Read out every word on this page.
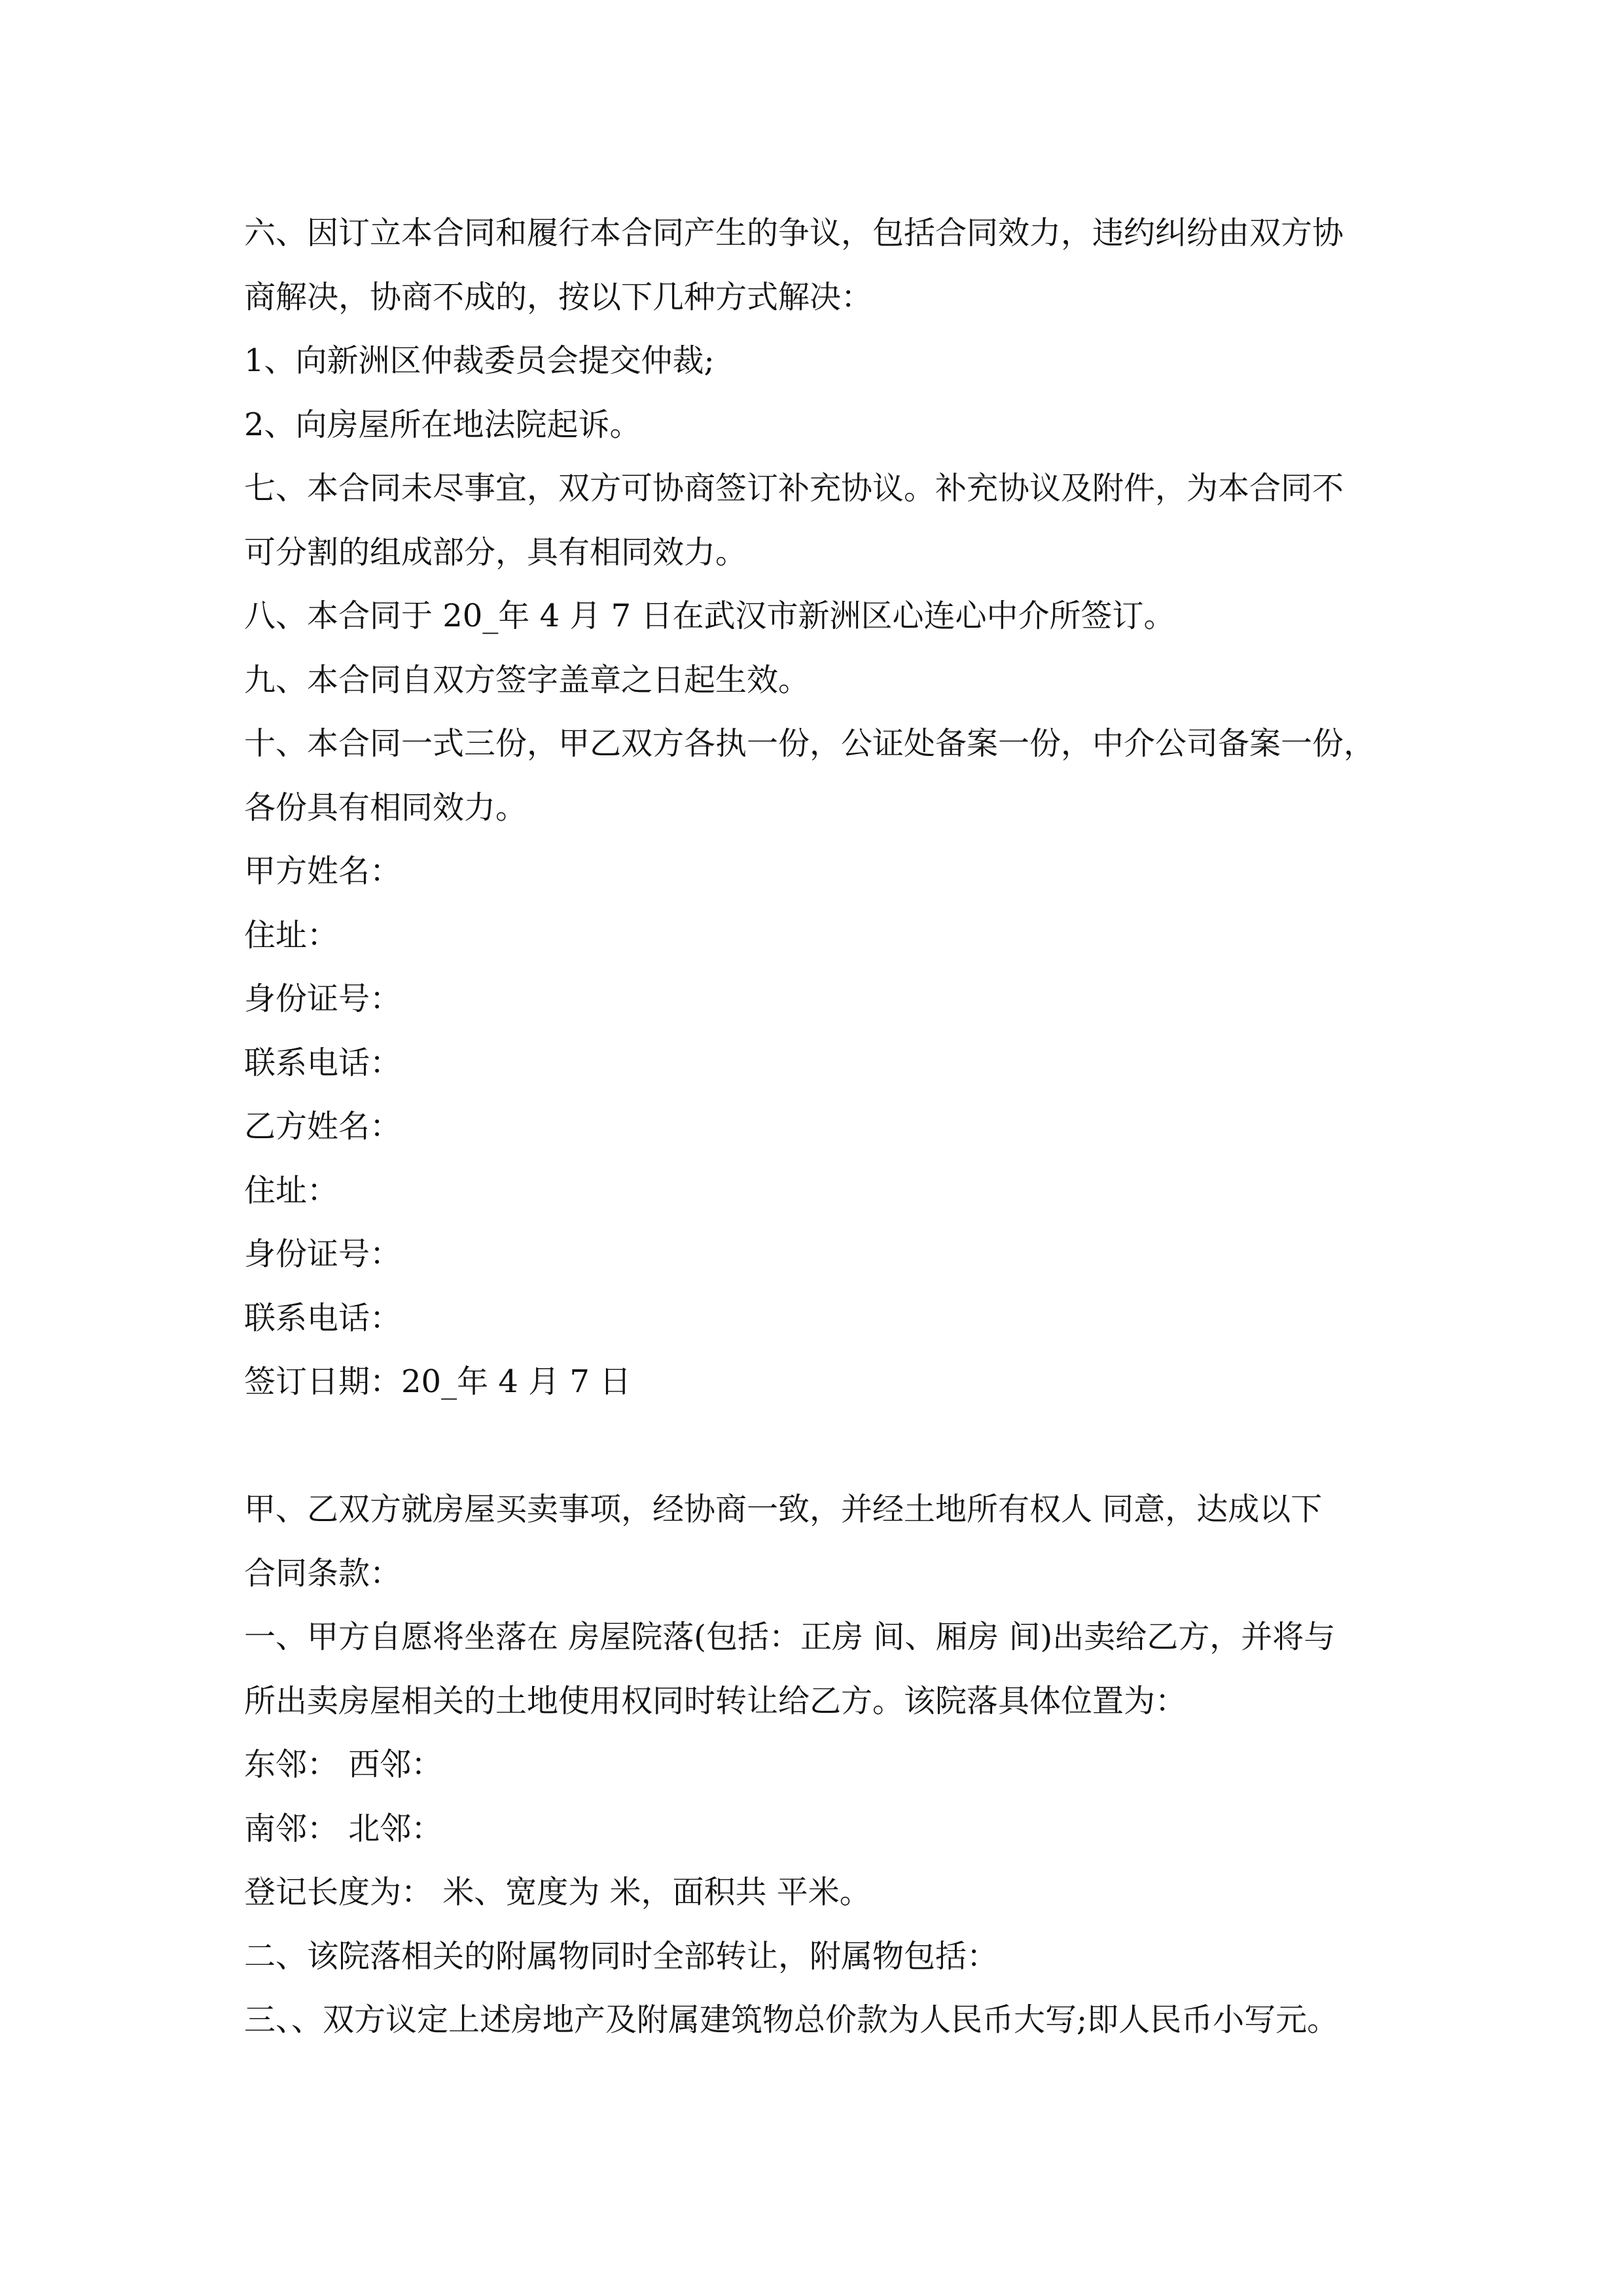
六、因订立本合同和履行本合同产生的争议，包括合同效力，违约纠纷由双方协

商解决，协商不成的，按以下几种方式解决：

1、向新洲区仲裁委员会提交仲裁;

2、向房屋所在地法院起诉。

七、本合同未尽事宜，双方可协商签订补充协议。补充协议及附件，为本合同不

可分割的组成部分，具有相同效力。

八、本合同于 20_年 4 月 7 日在武汉市新洲区心连心中介所签订。

九、本合同自双方签字盖章之日起生效。

十、本合同一式三份，甲乙双方各执一份，公证处备案一份，中介公司备案一份，

各份具有相同效力。

甲方姓名：

住址：

身份证号：

联系电话：

乙方姓名：

住址：

身份证号：

联系电话：

签订日期：20_年 4 月 7 日

甲、乙双方就房屋买卖事项，经协商一致，并经土地所有权人 同意，达成以下

合同条款：

一、甲方自愿将坐落在 房屋院落(包括：正房 间、厢房 间)出卖给乙方，并将与

所出卖房屋相关的土地使用权同时转让给乙方。该院落具体位置为：

东邻： 西邻：

南邻： 北邻：

登记长度为： 米、宽度为 米，面积共 平米。

二、该院落相关的附属物同时全部转让，附属物包括：

三、、双方议定上述房地产及附属建筑物总价款为人民币大写;即人民币小写元。
